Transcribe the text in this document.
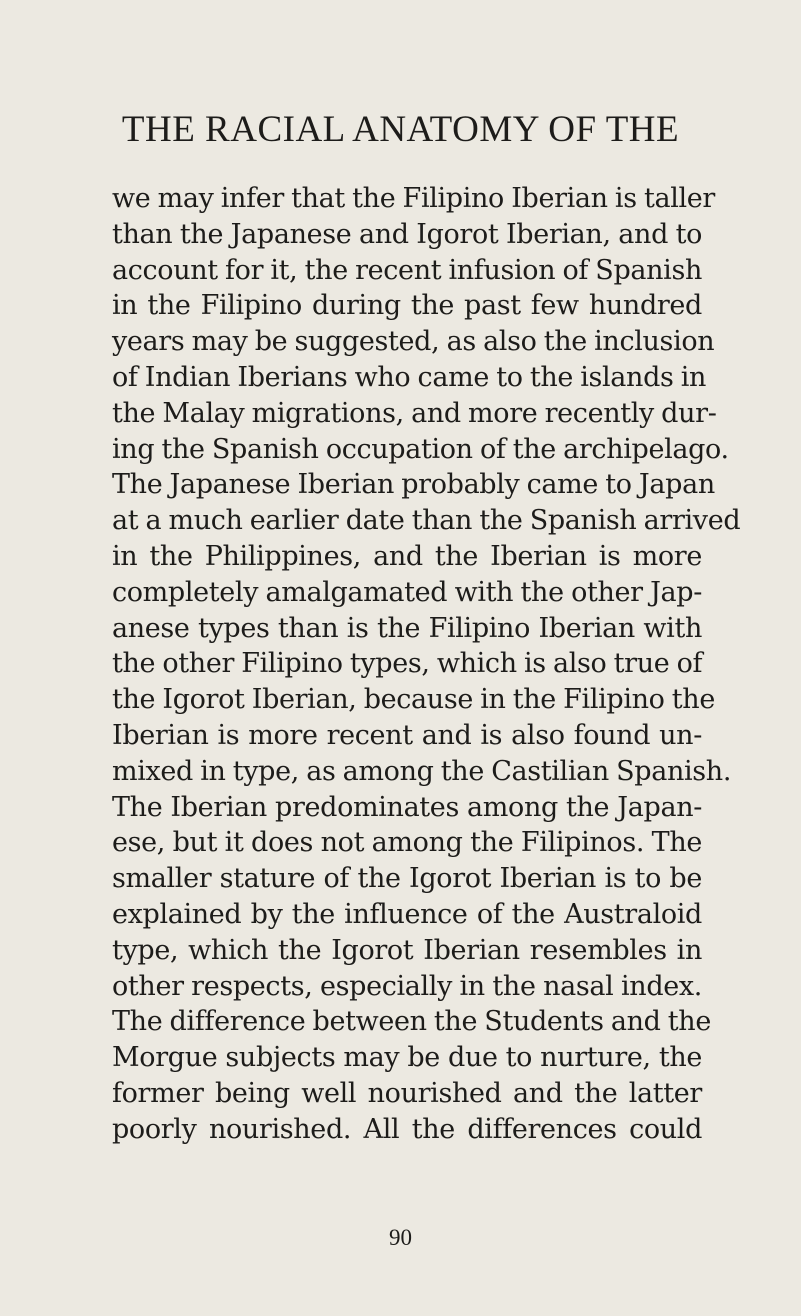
THE RACIAL ANATOMY OF THE
we may infer that the Filipino Iberian is taller
than the Japanese and Igorot Iberian, and to
account for it, the recent infusion of Spanish
in the Filipino during the past few hundred
years may be suggested, as also the inclusion
of Indian Iberians who came to the islands in
the Malay migrations, and more recently dur-
ing the Spanish occupation of the archipelago.
The Japanese Iberian probably came to Japan
at a much earlier date than the Spanish arrived
in the Philippines, and the Iberian is more
completely amalgamated with the other Jap-
anese types than is the Filipino Iberian with
the other Filipino types, which is also true of
the Igorot Iberian, because in the Filipino the
Iberian is more recent and is also found un-
mixed in type, as among the Castilian Spanish.
The Iberian predominates among the Japan-
ese, but it does not among the Filipinos. The
smaller stature of the Igorot Iberian is to be
explained by the influence of the Australoid
type, which the Igorot Iberian resembles in
other respects, especially in the nasal index.
The difference between the Students and the
Morgue subjects may be due to nurture, the
former being well nourished and the latter
poorly nourished. All the differences could
90
